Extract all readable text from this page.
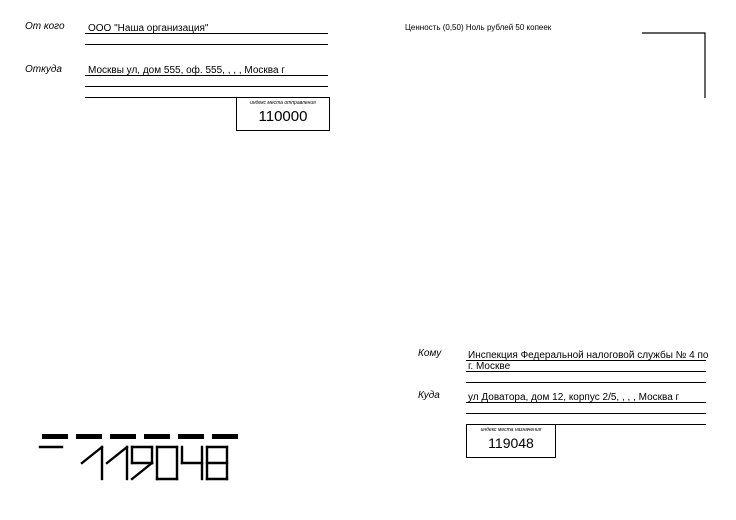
От кого ООО "Наша организация"
Откуда	Москвы ул, дом 555, оф. 555, , , , Москва г
индекс места отправления
110000
Ценность (0,50) Ноль рублей 50 копеек
Кому	Инспекция Федеральной налоговой службы № 4 по
г. Москве
Куда	ул Доватора, дом 12, корпус 2/5, , , , Москва г
индекс места назначения
119048
